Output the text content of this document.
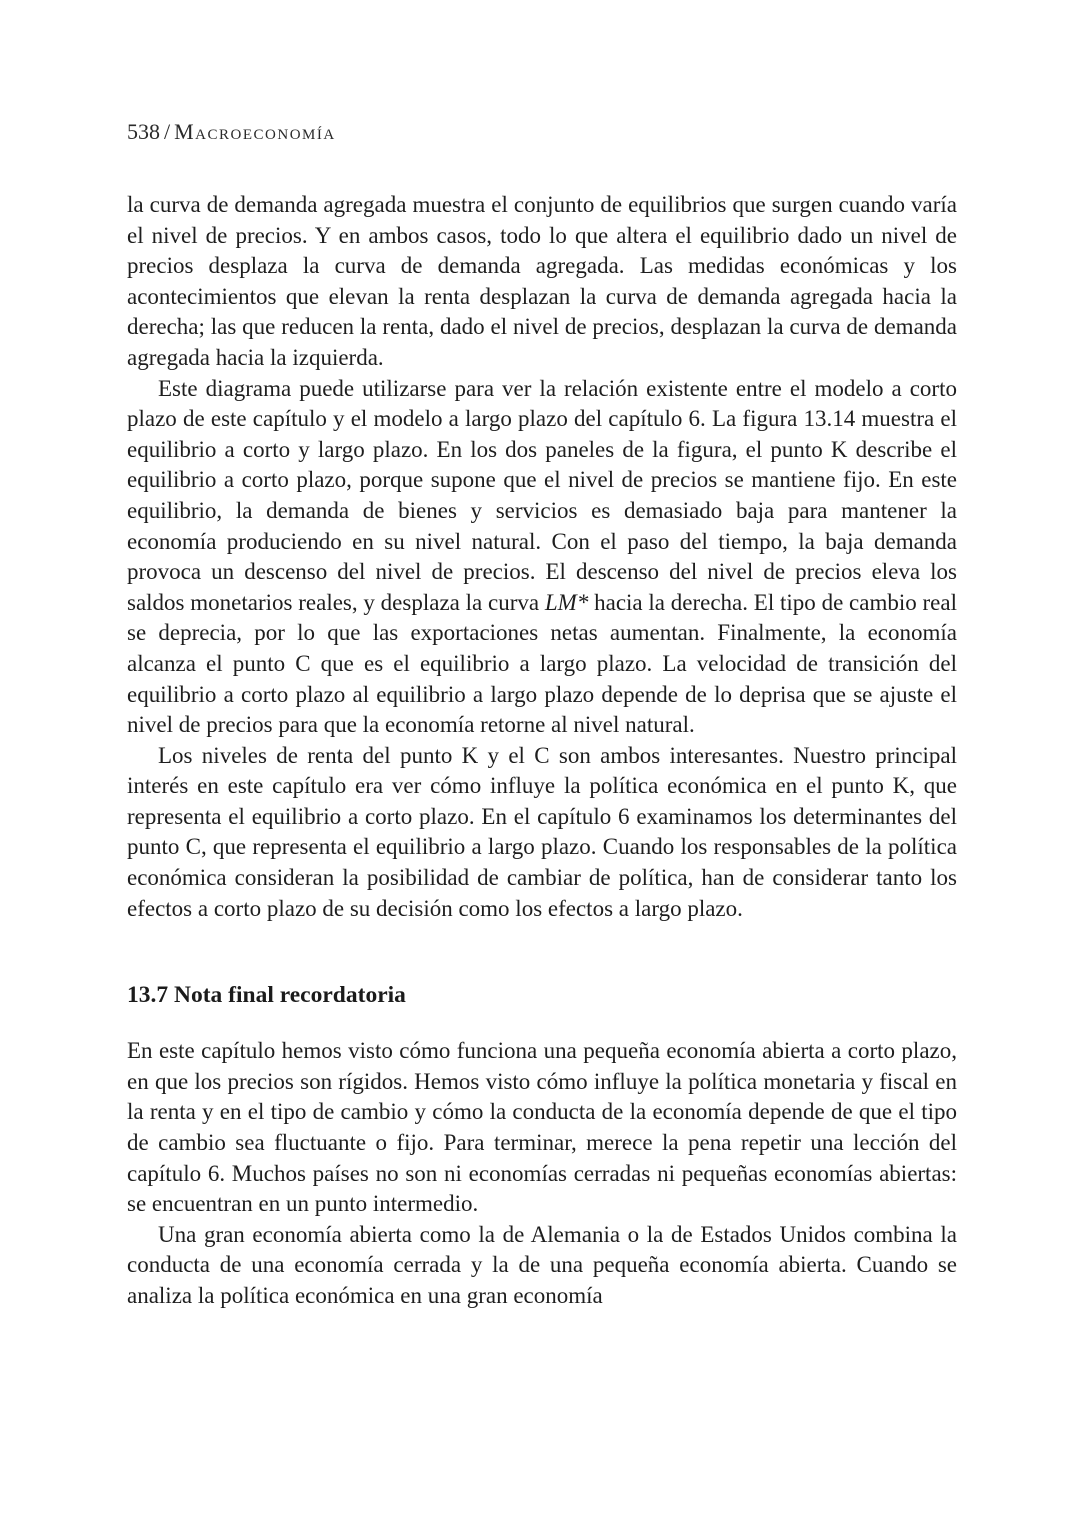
538 / Macroeconomía

la curva de demanda agregada muestra el conjunto de equilibrios que surgen cuando varía el nivel de precios. Y en ambos casos, todo lo que altera el equilibrio dado un nivel de precios desplaza la curva de demanda agregada. Las medidas económicas y los acontecimientos que elevan la renta desplazan la curva de demanda agregada hacia la derecha; las que reducen la renta, dado el nivel de precios, desplazan la curva de demanda agregada hacia la izquierda.

Este diagrama puede utilizarse para ver la relación existente entre el modelo a corto plazo de este capítulo y el modelo a largo plazo del capítulo 6. La figura 13.14 muestra el equilibrio a corto y largo plazo. En los dos paneles de la figura, el punto K describe el equilibrio a corto plazo, porque supone que el nivel de precios se mantiene fijo. En este equilibrio, la demanda de bienes y servicios es demasiado baja para mantener la economía produciendo en su nivel natural. Con el paso del tiempo, la baja demanda provoca un descenso del nivel de precios. El descenso del nivel de precios eleva los saldos monetarios reales, y desplaza la curva LM* hacia la derecha. El tipo de cambio real se deprecia, por lo que las exportaciones netas aumentan. Finalmente, la economía alcanza el punto C que es el equilibrio a largo plazo. La velocidad de transición del equilibrio a corto plazo al equilibrio a largo plazo depende de lo deprisa que se ajuste el nivel de precios para que la economía retorne al nivel natural.

Los niveles de renta del punto K y el C son ambos interesantes. Nuestro principal interés en este capítulo era ver cómo influye la política económica en el punto K, que representa el equilibrio a corto plazo. En el capítulo 6 examinamos los determinantes del punto C, que representa el equilibrio a largo plazo. Cuando los responsables de la política económica consideran la posibilidad de cambiar de política, han de considerar tanto los efectos a corto plazo de su decisión como los efectos a largo plazo.

13.7 Nota final recordatoria

En este capítulo hemos visto cómo funciona una pequeña economía abierta a corto plazo, en que los precios son rígidos. Hemos visto cómo influye la política monetaria y fiscal en la renta y en el tipo de cambio y cómo la conducta de la economía depende de que el tipo de cambio sea fluctuante o fijo. Para terminar, merece la pena repetir una lección del capítulo 6. Muchos países no son ni economías cerradas ni pequeñas economías abiertas: se encuentran en un punto intermedio.

Una gran economía abierta como la de Alemania o la de Estados Unidos combina la conducta de una economía cerrada y la de una pequeña economía abierta. Cuando se analiza la política económica en una gran economía
